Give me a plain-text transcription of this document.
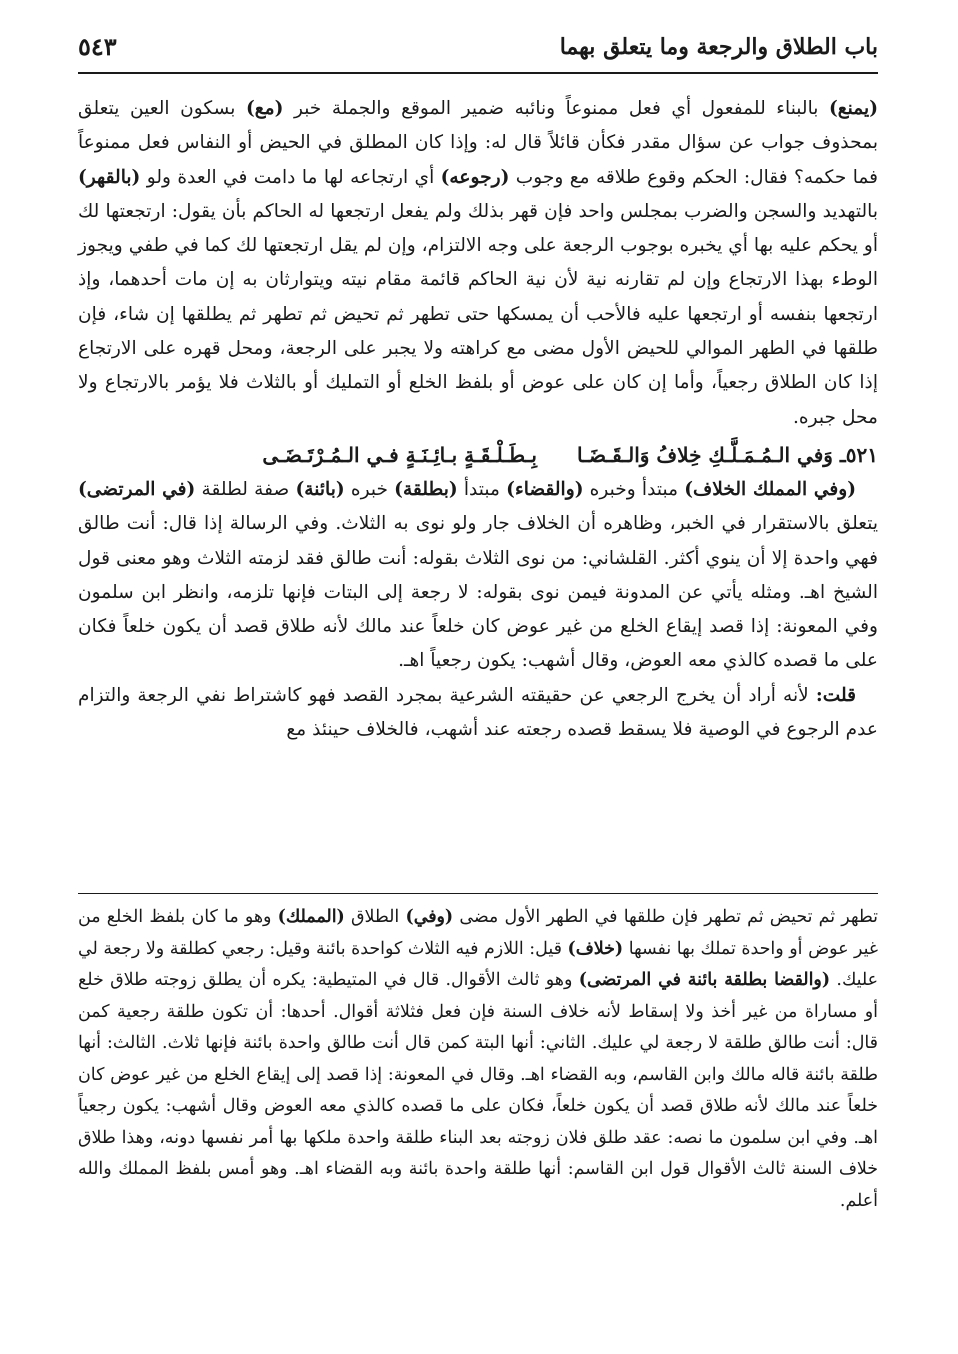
باب الطلاق والرجعة وما يتعلق بهما
٥٤٣

(يمنع) بالبناء للمفعول أي فعل ممنوعاً ونائبه ضمير الموقع والجملة خبر (مع) بسكون العين يتعلق بمحذوف جواب عن سؤال مقدر فكأن قائلاً قال له: وإذا كان المطلق في الحيض أو النفاس فعل ممنوعاً فما حكمه؟ فقال: الحكم وقوع طلاقه مع وجوب (رجوعه) أي ارتجاعه لها ما دامت في العدة ولو (بالقهر) بالتهديد والسجن والضرب بمجلس واحد فإن قهر بذلك ولم يفعل ارتجعها له الحاكم بأن يقول: ارتجعتها لك أو يحكم عليه بها أي يخبره بوجوب الرجعة على وجه الالتزام، وإن لم يقل ارتجعتها لك كما في طفي ويجوز الوطء بهذا الارتجاع وإن لم تقارنه نية لأن نية الحاكم قائمة مقام نيته ويتوارثان به إن مات أحدهما، وإذ ارتجعها بنفسه أو ارتجعها عليه فالأحب أن يمسكها حتى تطهر ثم تحيض ثم تطهر ثم يطلقها إن شاء، فإن طلقها في الطهر الموالي للحيض الأول مضى مع كراهته ولا يجبر على الرجعة، ومحل قهره على الارتجاع إذا كان الطلاق رجعياً، وأما إن كان على عوض أو بلفظ الخلع أو التمليك أو بالثلاث فلا يؤمر بالارتجاع ولا محل جبره.

٥٢١ـ وَفي الـمُـمَـلَّـكِ خِلافُ وَالـقَـضَـابِـطَـلْـقَـةٍ بـائِـنَـةٍ فـي الـمُـرْتَـضَـى

(وفي المملك الخلاف) مبتدأ وخبره (والقضاء) مبتدأ (بطلقة) خبره (بائنة) صفة لطلقة (في المرتضى) يتعلق بالاستقرار في الخبر، وظاهره أن الخلاف جار ولو نوى به الثلاث. وفي الرسالة إذا قال: أنت طالق فهي واحدة إلا أن ينوي أكثر. القلشاني: من نوى الثلاث بقوله: أنت طالق فقد لزمته الثلاث وهو معنى قول الشيخ اهـ. ومثله يأتي عن المدونة فيمن نوى بقوله: لا رجعة إلى البتات فإنها تلزمه، وانظر ابن سلمون وفي المعونة: إذا قصد إيقاع الخلع من غير عوض كان خلعاً عند مالك لأنه طلاق قصد أن يكون خلعاً فكان على ما قصده كالذي معه العوض، وقال أشهب: يكون رجعياً اهـ.

قلت: لأنه أراد أن يخرج الرجعي عن حقيقته الشرعية بمجرد القصد فهو كاشتراط نفي الرجعة والتزام عدم الرجوع في الوصية فلا يسقط قصده رجعته عند أشهب، فالخلاف حينئذ مع

تطهر ثم تحيض ثم تطهر فإن طلقها في الطهر الأول مضى (وفي) الطلاق (المملك) وهو ما كان بلفظ الخلع من غير عوض أو واحدة تملك بها نفسها (خلاف) قيل: اللازم فيه الثلاث كواحدة بائنة وقيل: رجعي كطلقة ولا رجعة لي عليك. (والقضا بطلقة بائنة في المرتضى) وهو ثالث الأقوال. قال في المتيطية: يكره أن يطلق زوجته طلاق خلع أو مساراة من غير أخذ ولا إسقاط لأنه خلاف السنة فإن فعل فثلاثة أقوال. أحدها: أن تكون طلقة رجعية كمن قال: أنت طالق طلقة لا رجعة لي عليك. الثاني: أنها البتة كمن قال أنت طالق واحدة بائنة فإنها ثلاث. الثالث: أنها طلقة بائنة قاله مالك وابن القاسم، وبه القضاء اهـ. وقال في المعونة: إذا قصد إلى إيقاع الخلع من غير عوض كان خلعاً عند مالك لأنه طلاق قصد أن يكون خلعاً، فكان على ما قصده كالذي معه العوض وقال أشهب: يكون رجعياً اهـ. وفي ابن سلمون ما نصه: عقد طلق فلان زوجته بعد البناء طلقة واحدة ملكها بها أمر نفسها دونه، وهذا طلاق خلاف السنة ثالث الأقوال قول ابن القاسم: أنها طلقة واحدة بائنة وبه القضاء اهـ. وهو أمس بلفظ المملك والله أعلم.
